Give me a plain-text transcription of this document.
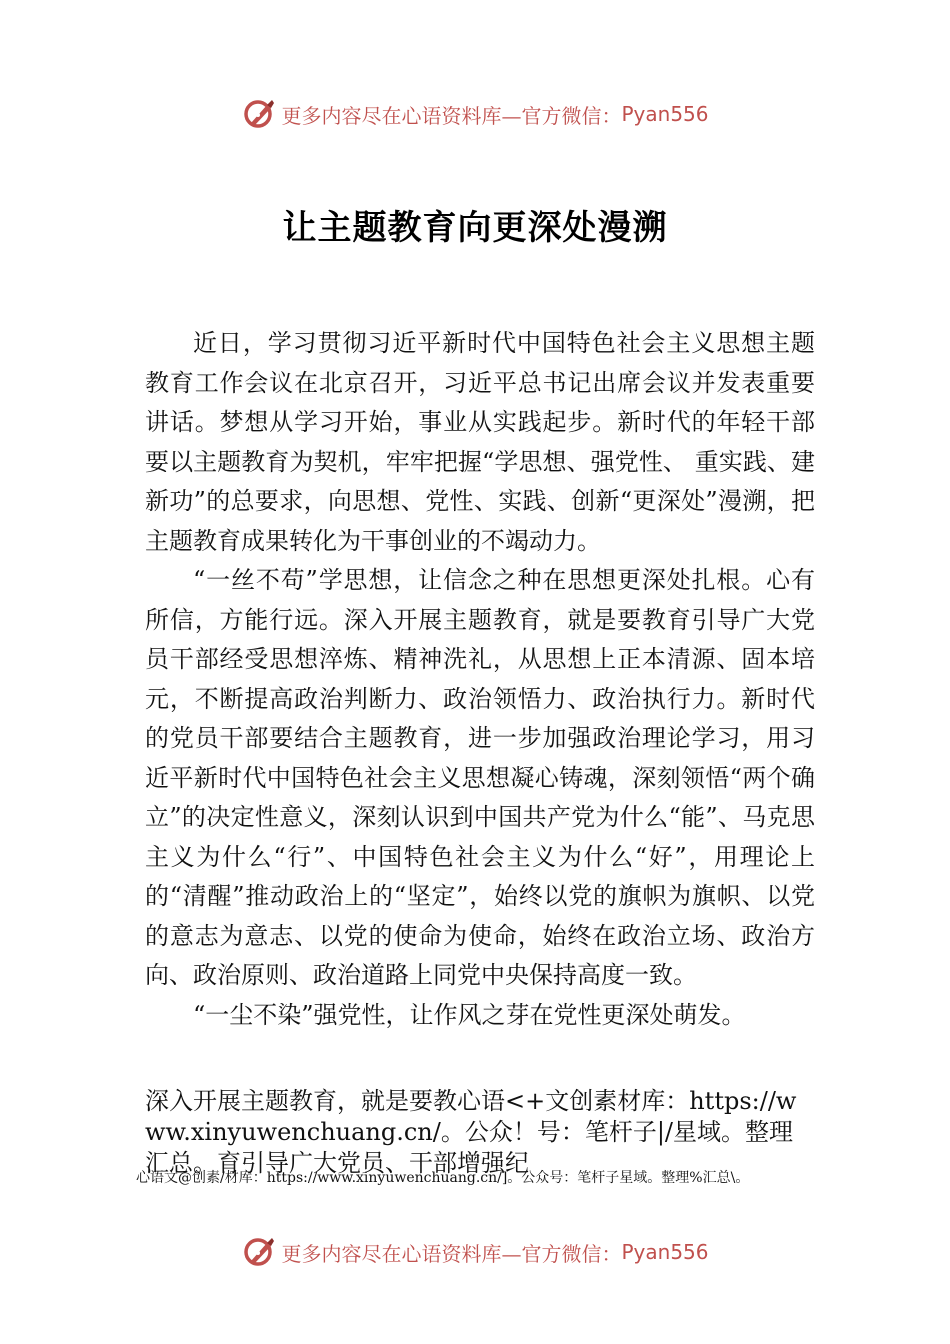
更多内容尽在心语资料库—官方微信： Pyan556
让主题教育向更深处漫溯

近日，学习贯彻习近平新时代中国特色社会主义思想主题教育工作会议在北京召开，习近平总书记出席会议并发表重要讲话。梦想从学习开始，事业从实践起步。新时代的年轻干部要以主题教育为契机，牢牢把握“学思想、强党性、 重实践、建新功”的总要求，向思想、党性、实践、创新“更深处”漫溯，把主题教育成果转化为干事创业的不竭动力。

“一丝不苟”学思想，让信念之种在思想更深处扎根。心有所信，方能行远。深入开展主题教育，就是要教育引导广大党员干部经受思想淬炼、精神洗礼，从思想上正本清源、固本培元，不断提高政治判断力、政治领悟力、政治执行力。新时代的党员干部要结合主题教育，进一步加强政治理论学习，用习近平新时代中国特色社会主义思想凝心铸魂，深刻领悟“两个确立”的决定性意义，深刻认识到中国共产党为什么“能”、马克思主义为什么“行”、中国特色社会主义为什么“好”，用理论上的“清醒”推动政治上的“坚定”，始终以党的旗帜为旗帜、以党的意志为意志、以党的使命为使命，始终在政治立场、政治方向、政治原则、政治道路上同党中央保持高度一致。

“一尘不染”强党性，让作风之芽在党性更深处萌发。

深入开展主题教育，就是要教心语<+文创素材库：https://www.xinyuwenchuang.cn/。公众！号：笔杆子|/星域。整理汇总。育引导广大党员、干部增强纪

心语文@创素/材库：https://www.xinyuwenchuang.cn/]。公众号：笔杆子星域。整理%汇总\。

更多内容尽在心语资料库—官方微信： Pyan556
